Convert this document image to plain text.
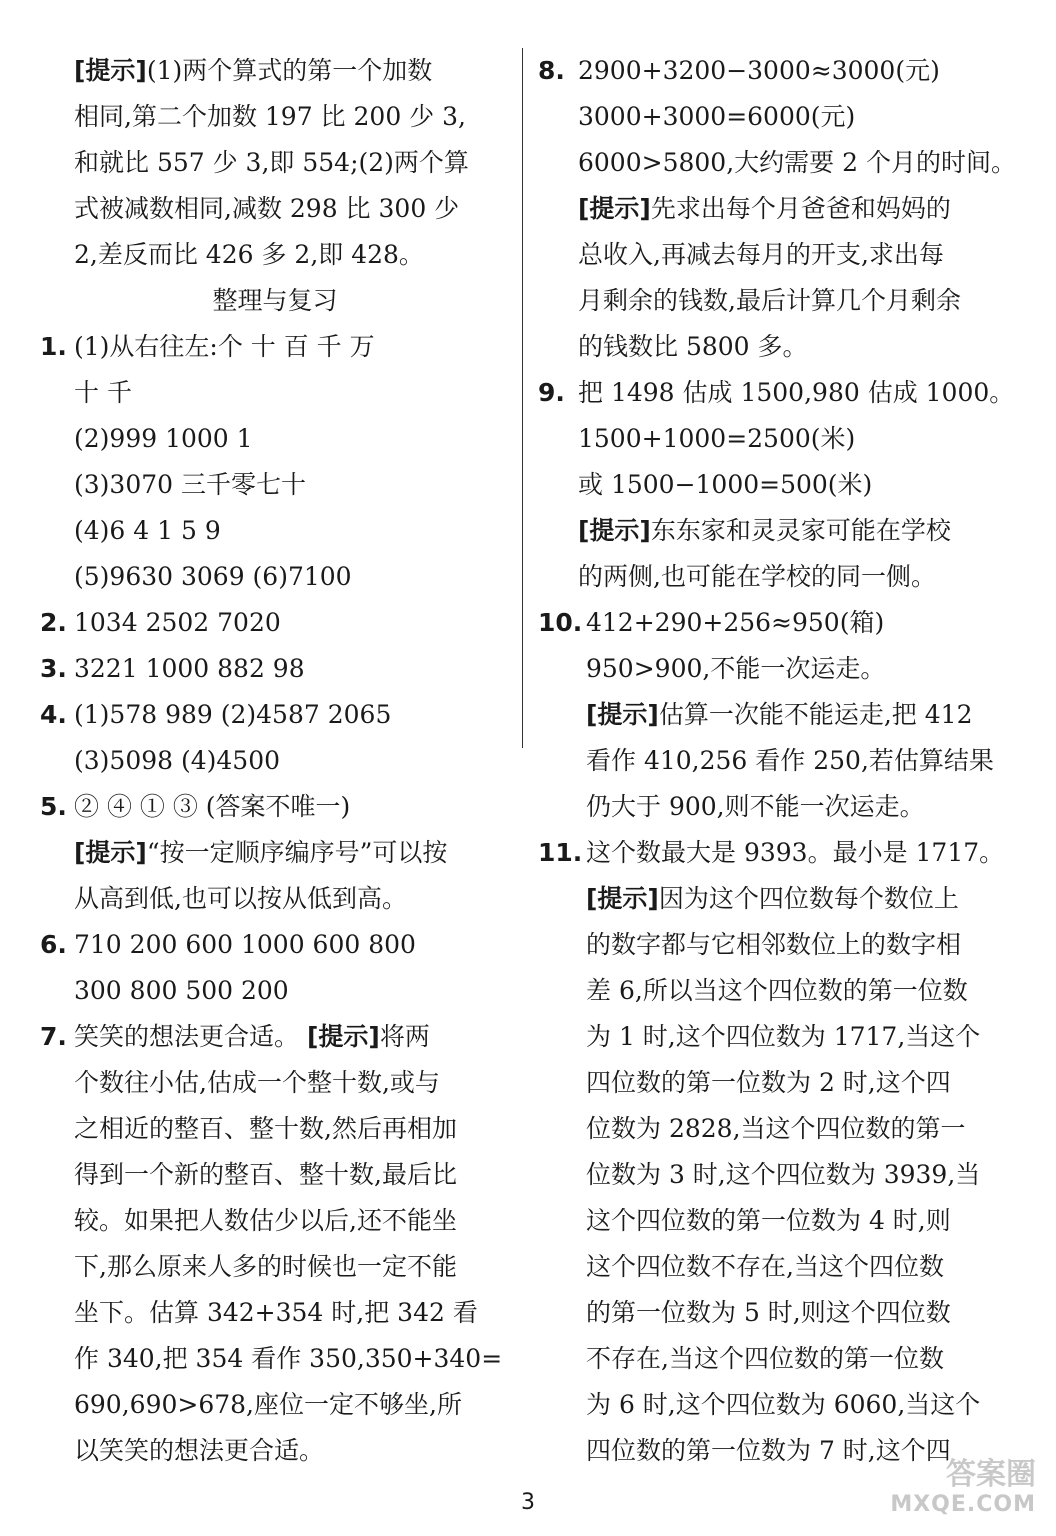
[提示](1)两个算式的第一个加数
相同,第二个加数 197 比 200 少 3,
和就比 557 少 3,即 554;(2)两个算
式被减数相同,减数 298 比 300 少
2,差反而比 426 多 2,即 428。
整理与复习
1. (1)从右往左:个 十 百 千 万
十 千
(2)999 1000 1
(3)3070 三千零七十
(4)6 4 1 5 9
(5)9630 3069 (6)7100
2. 1034 2502 7020
3. 3221 1000 882 98
4. (1)578 989 (2)4587 2065
(3)5098 (4)4500
5. ② ④ ① ③ (答案不唯一)
[提示]“按一定顺序编序号”可以按
从高到低,也可以按从低到高。
6. 710 200 600 1000 600 800
300 800 500 200
7. 笑笑的想法更合适。 [提示]将两
个数往小估,估成一个整十数,或与
之相近的整百、整十数,然后再相加
得到一个新的整百、整十数,最后比
较。如果把人数估少以后,还不能坐
下,那么原来人多的时候也一定不能
坐下。估算 342+354 时,把 342 看
作 340,把 354 看作 350,350+340=
690,690>678,座位一定不够坐,所
以笑笑的想法更合适。
8. 2900+3200−3000≈3000(元)
3000+3000=6000(元)
6000>5800,大约需要 2 个月的时间。
[提示]先求出每个月爸爸和妈妈的
总收入,再减去每月的开支,求出每
月剩余的钱数,最后计算几个月剩余
的钱数比 5800 多。
9. 把 1498 估成 1500,980 估成 1000。
1500+1000=2500(米)
或 1500−1000=500(米)
[提示]东东家和灵灵家可能在学校
的两侧,也可能在学校的同一侧。
10. 412+290+256≈950(箱)
950>900,不能一次运走。
[提示]估算一次能不能运走,把 412
看作 410,256 看作 250,若估算结果
仍大于 900,则不能一次运走。
11. 这个数最大是 9393。最小是 1717。
[提示]因为这个四位数每个数位上
的数字都与它相邻数位上的数字相
差 6,所以当这个四位数的第一位数
为 1 时,这个四位数为 1717,当这个
四位数的第一位数为 2 时,这个四
位数为 2828,当这个四位数的第一
位数为 3 时,这个四位数为 3939,当
这个四位数的第一位数为 4 时,则
这个四位数不存在,当这个四位数
的第一位数为 5 时,则这个四位数
不存在,当这个四位数的第一位数
为 6 时,这个四位数为 6060,当这个
四位数的第一位数为 7 时,这个四
3
答案圈
MXQE.COM
